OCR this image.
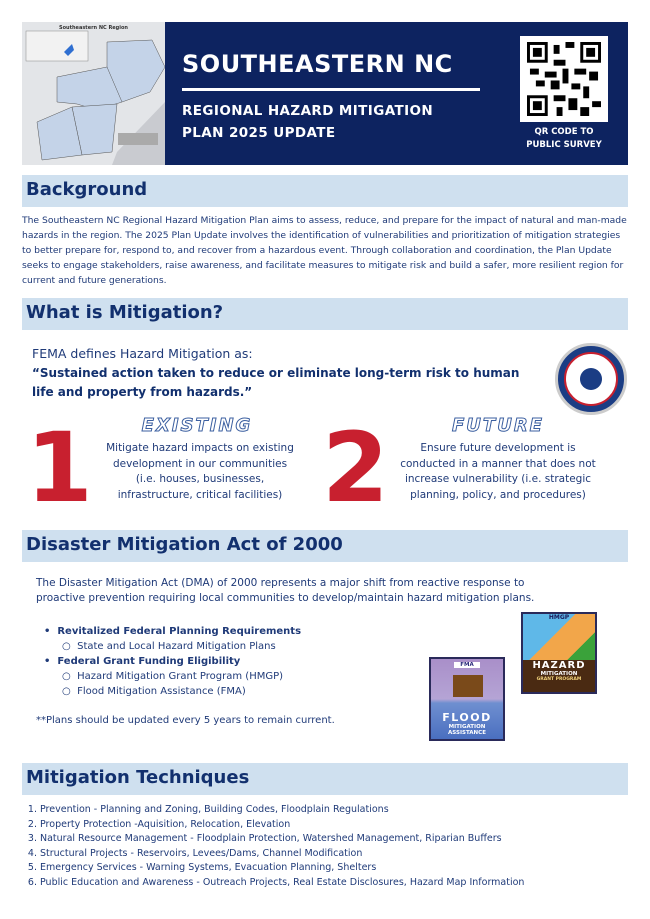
Southeastern NC Region
SOUTHEASTERN NC
REGIONAL HAZARD MITIGATION
PLAN 2025 UPDATE	QR CODE TO
PUBLIC SURVEY
Background
The Southeastern NC Regional Hazard Mitigation Plan aims to assess, reduce, and prepare for the impact of natural and man-made hazards in the region. The 2025 Plan Update involves the identification of vulnerabilities and prioritization of mitigation strategies to better prepare for, respond to, and recover from a hazardous event. Through collaboration and coordination, the Plan Update seeks to engage stakeholders, raise awareness, and facilitate measures to mitigate risk and build a safer, more resilient region for current and future generations.
What is Mitigation?
FEMA defines Hazard Mitigation as:
“Sustained action taken to reduce or eliminate long-term risk to human life and property from hazards.”
1	EXISTING
Mitigate hazard impacts on existing development in our communities (i.e. houses, businesses, infrastructure, critical facilities) 2	FUTURE
Ensure future development is conducted in a manner that does not increase vulnerability (i.e. strategic planning, policy, and procedures)
Disaster Mitigation Act of 2000
The Disaster Mitigation Act (DMA) of 2000 represents a major shift from reactive response to proactive prevention requiring local communities to develop/maintain hazard mitigation plans.
•  Revitalized Federal Planning Requirements
○  State and Local Hazard Mitigation Plans
•  Federal Grant Funding Eligibility
○  Hazard Mitigation Grant Program (HMGP)
○  Flood Mitigation Assistance (FMA)
**Plans should be updated every 5 years to remain current.
HMGP
HAZARD
MITIGATION
GRANT PROGRAM
FMA
FLOOD
MITIGATION
ASSISTANCE
Mitigation Techniques
1. Prevention - Planning and Zoning, Building Codes, Floodplain Regulations
2. Property Protection -Aquisition, Relocation, Elevation
3. Natural Resource Management - Floodplain Protection, Watershed Management, Riparian Buffers
4. Structural Projects - Reservoirs, Levees/Dams, Channel Modification
5. Emergency Services - Warning Systems, Evacuation Planning, Shelters
6. Public Education and Awareness - Outreach Projects, Real Estate Disclosures, Hazard Map Information
